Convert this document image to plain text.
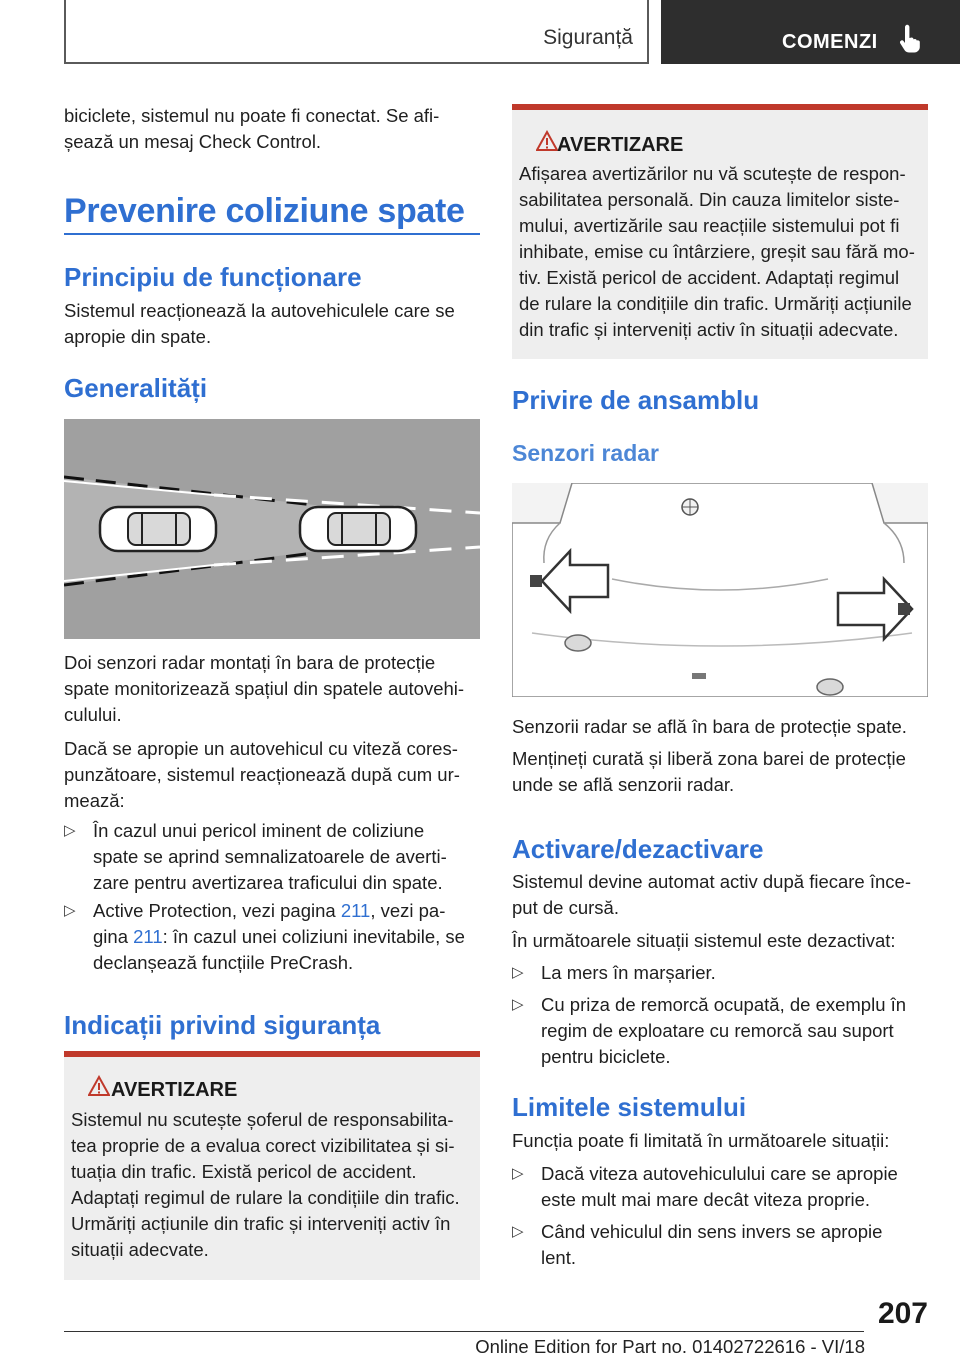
Siguranță	COMENZI
biciclete, sistemul nu poate fi conectat. Se afi‐
șează un mesaj Check Control.
Prevenire coliziune spate
Principiu de funcționare
Sistemul reacționează la autovehiculele care se
apropie din spate.
Generalități
Doi senzori radar montați în bara de protecție
spate monitorizează spațiul din spatele autovehi‐
culului.
Dacă se apropie un autovehicul cu viteză cores‐
punzătoare, sistemul reacționează după cum ur‐
mează:
▷ În cazul unui pericol iminent de coliziune
spate se aprind semnalizatoarele de averti‐
zare pentru avertizarea traficului din spate.
▷ Active Protection, vezi pagina 211, vezi pa‐
gina 211: în cazul unei coliziuni inevitabile, se
declanșează funcțiile PreCrash.
Indicații privind siguranța
AVERTIZARE
Sistemul nu scutește șoferul de responsabilita‐
tea proprie de a evalua corect vizibilitatea și si‐
tuația din trafic. Există pericol de accident.
Adaptați regimul de rulare la condițiile din trafic.
Urmăriți acțiunile din trafic și interveniți activ în
situații adecvate.
AVERTIZARE
Afișarea avertizărilor nu vă scutește de respon‐
sabilitatea personală. Din cauza limitelor siste‐
mului, avertizările sau reacțiile sistemului pot fi
inhibate, emise cu întârziere, greșit sau fără mo‐
tiv. Există pericol de accident. Adaptați regimul
de rulare la condițiile din trafic. Urmăriți acțiunile
din trafic și interveniți activ în situații adecvate.
Privire de ansamblu
Senzori radar
Senzorii radar se află în bara de protecție spate.
Mențineți curată și liberă zona barei de protecție
unde se află senzorii radar.
Activare/dezactivare
Sistemul devine automat activ după fiecare înce‐
put de cursă.
În următoarele situații sistemul este dezactivat:
▷ La mers în marșarier.
▷ Cu priza de remorcă ocupată, de exemplu în
regim de exploatare cu remorcă sau suport
pentru biciclete.
Limitele sistemului
Funcția poate fi limitată în următoarele situații:
▷ Dacă viteza autovehiculului care se apropie
este mult mai mare decât viteza proprie.
▷ Când vehiculul din sens invers se apropie
lent.
207
Online Edition for Part no. 01402722616 - VI/18
